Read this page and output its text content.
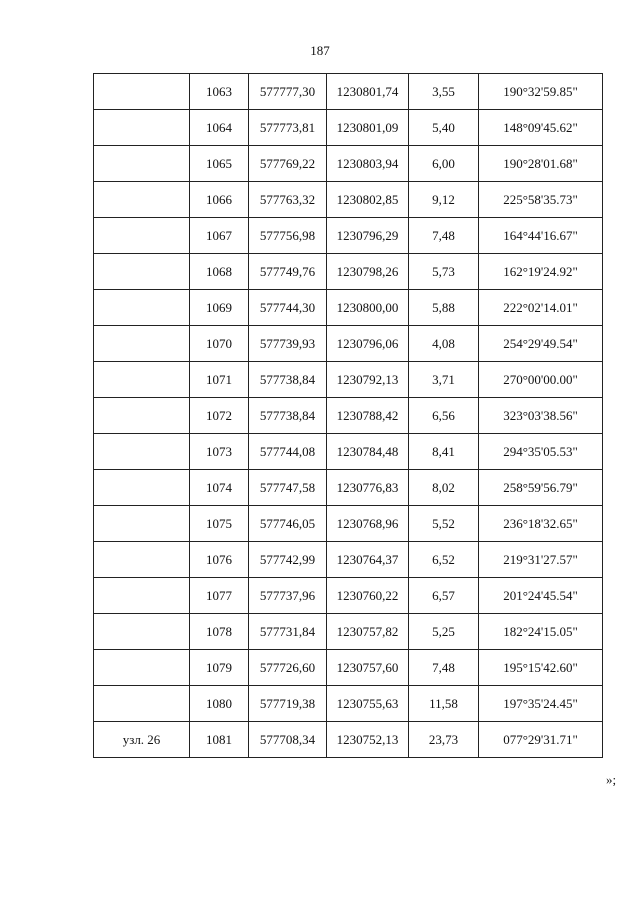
187
	1063	577777,30	1230801,74	3,55	190°32'59.85"
	1064	577773,81	1230801,09	5,40	148°09'45.62"
	1065	577769,22	1230803,94	6,00	190°28'01.68"
	1066	577763,32	1230802,85	9,12	225°58'35.73"
	1067	577756,98	1230796,29	7,48	164°44'16.67"
	1068	577749,76	1230798,26	5,73	162°19'24.92"
	1069	577744,30	1230800,00	5,88	222°02'14.01"
	1070	577739,93	1230796,06	4,08	254°29'49.54"
	1071	577738,84	1230792,13	3,71	270°00'00.00"
	1072	577738,84	1230788,42	6,56	323°03'38.56"
	1073	577744,08	1230784,48	8,41	294°35'05.53"
	1074	577747,58	1230776,83	8,02	258°59'56.79"
	1075	577746,05	1230768,96	5,52	236°18'32.65"
	1076	577742,99	1230764,37	6,52	219°31'27.57"
	1077	577737,96	1230760,22	6,57	201°24'45.54"
	1078	577731,84	1230757,82	5,25	182°24'15.05"
	1079	577726,60	1230757,60	7,48	195°15'42.60"
	1080	577719,38	1230755,63	11,58	197°35'24.45"
узл. 26	1081	577708,34	1230752,13	23,73	077°29'31.71"
»;
